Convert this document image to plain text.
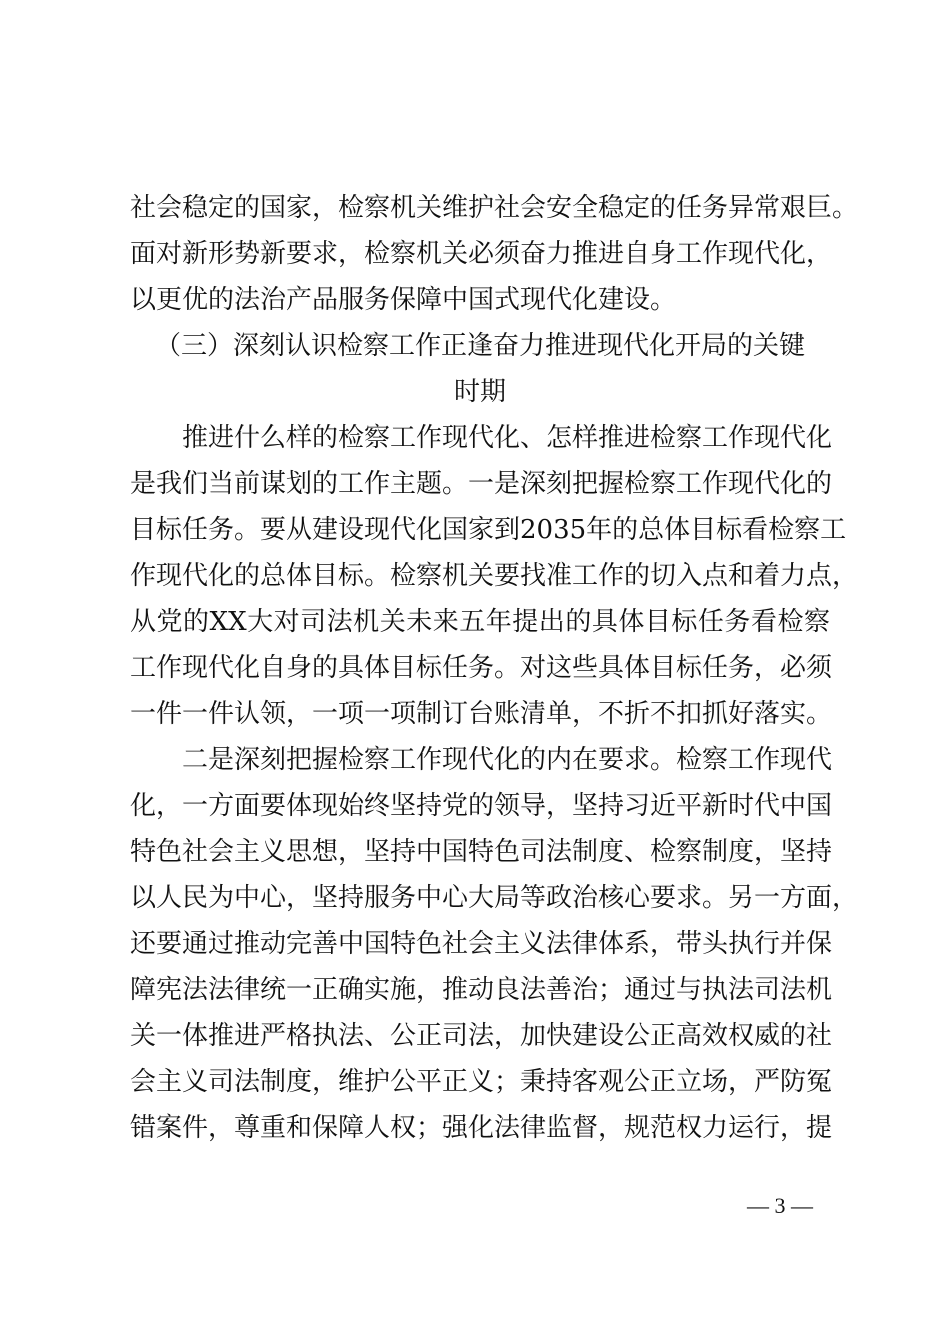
社会稳定的国家，检察机关维护社会安全稳定的任务异常艰巨。
面对新形势新要求，检察机关必须奋力推进自身工作现代化，
以更优的法治产品服务保障中国式现代化建设。
（三）深刻认识检察工作正逢奋力推进现代化开局的关键
时期
推进什么样的检察工作现代化、怎样推进检察工作现代化
是我们当前谋划的工作主题。一是深刻把握检察工作现代化的
目标任务。要从建设现代化国家到2035年的总体目标看检察工
作现代化的总体目标。检察机关要找准工作的切入点和着力点，
从党的XX大对司法机关未来五年提出的具体目标任务看检察
工作现代化自身的具体目标任务。对这些具体目标任务，必须
一件一件认领，一项一项制订台账清单，不折不扣抓好落实。
二是深刻把握检察工作现代化的内在要求。检察工作现代
化，一方面要体现始终坚持党的领导，坚持习近平新时代中国
特色社会主义思想，坚持中国特色司法制度、检察制度，坚持
以人民为中心，坚持服务中心大局等政治核心要求。另一方面，
还要通过推动完善中国特色社会主义法律体系，带头执行并保
障宪法法律统一正确实施，推动良法善治；通过与执法司法机
关一体推进严格执法、公正司法，加快建设公正高效权威的社
会主义司法制度，维护公平正义；秉持客观公正立场，严防冤
错案件，尊重和保障人权；强化法律监督，规范权力运行，提
— 3 —
